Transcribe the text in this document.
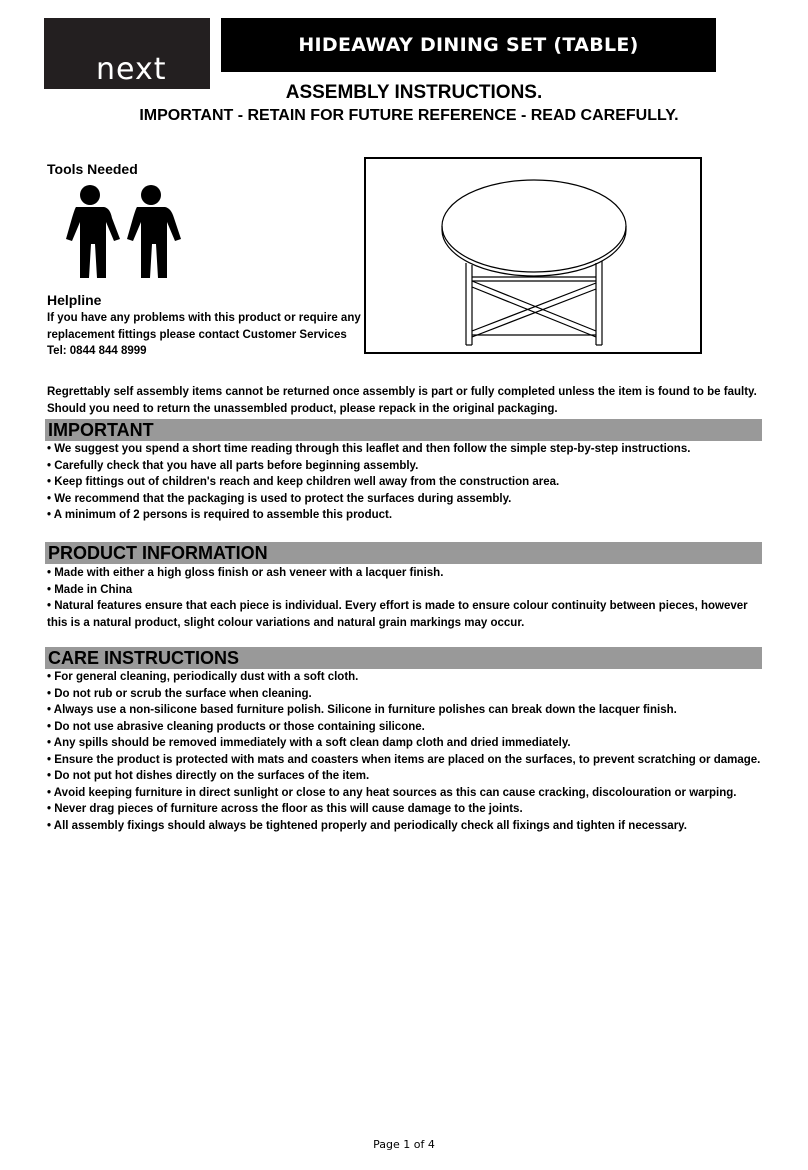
next
HIDEAWAY DINING SET (TABLE)
ASSEMBLY INSTRUCTIONS.
IMPORTANT - RETAIN FOR FUTURE REFERENCE - READ CAREFULLY.
Tools Needed
Helpline
If you have any problems with this product or require any replacement fittings please contact Customer Services Tel: 0844 844 8999
Regrettably self assembly items cannot be returned once assembly is part or fully completed unless the item is found to be faulty. Should you need to return the unassembled product, please repack in the original packaging.
IMPORTANT
• We suggest you spend a short time reading through this leaflet and then follow the simple step-by-step instructions.
• Carefully check that you have all parts before beginning assembly.
• Keep fittings out of children's reach and keep children well away from the construction area.
• We recommend that the packaging is used to protect the surfaces during assembly.
• A minimum of 2 persons is required to assemble this product.
PRODUCT INFORMATION
• Made with either a high gloss finish or ash veneer with a lacquer finish.
• Made in China
• Natural features ensure that each piece is individual. Every effort is made to ensure colour continuity between pieces, however this is a natural product, slight colour variations and natural grain markings may occur.
CARE INSTRUCTIONS
• For general cleaning, periodically dust with a soft cloth.
• Do not rub or scrub the surface when cleaning.
• Always use a non-silicone based furniture polish. Silicone in furniture polishes can break down the lacquer finish.
• Do not use abrasive cleaning products or those containing silicone.
• Any spills should be removed immediately with a soft clean damp cloth and dried immediately.
• Ensure the product is protected with mats and coasters when items are placed on the surfaces, to prevent scratching or damage.
• Do not put hot dishes directly on the surfaces of the item.
• Avoid keeping furniture in direct sunlight or close to any heat sources as this can cause cracking, discolouration or warping.
• Never drag pieces of furniture across the floor as this will cause damage to the joints.
• All assembly fixings should always be tightened properly and periodically check all fixings and tighten if necessary.
Page 1 of 4
